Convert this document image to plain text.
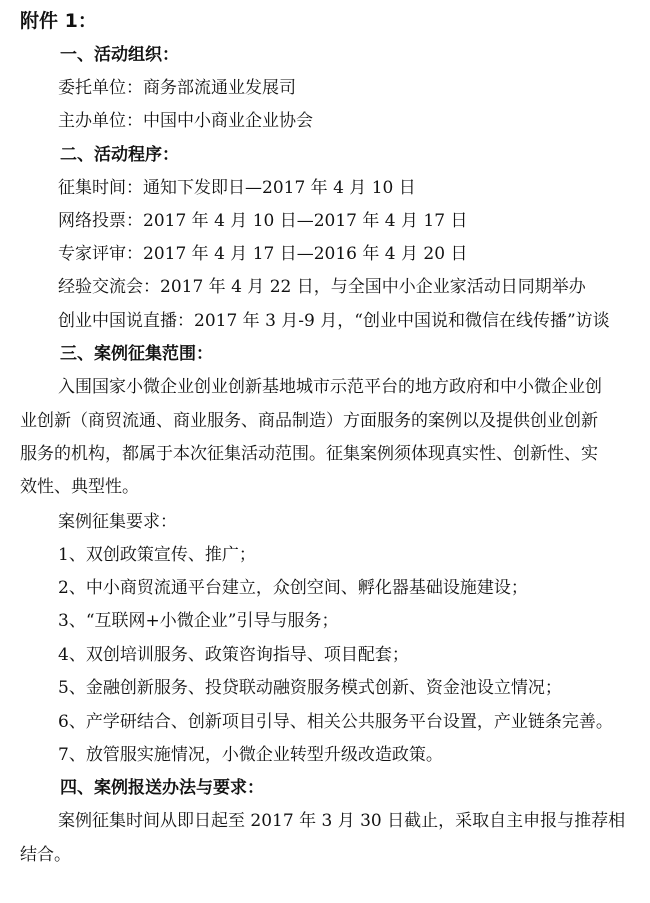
附件 1：
一、活动组织：
委托单位：商务部流通业发展司
主办单位：中国中小商业企业协会
二、活动程序：
征集时间：通知下发即日—2017 年 4 月 10 日
网络投票：2017 年 4 月 10 日—2017 年 4 月 17 日
专家评审：2017 年 4 月 17 日—2016 年 4 月 20 日
经验交流会：2017 年 4 月 22 日，与全国中小企业家活动日同期举办
创业中国说直播：2017 年 3 月-9 月，“创业中国说和微信在线传播”访谈
三、案例征集范围：
入围国家小微企业创业创新基地城市示范平台的地方政府和中小微企业创
业创新（商贸流通、商业服务、商品制造）方面服务的案例以及提供创业创新
服务的机构，都属于本次征集活动范围。征集案例须体现真实性、创新性、实
效性、典型性。
案例征集要求：
1、双创政策宣传、推广；
2、中小商贸流通平台建立，众创空间、孵化器基础设施建设；
3、“互联网+小微企业”引导与服务；
4、双创培训服务、政策咨询指导、项目配套；
5、金融创新服务、投贷联动融资服务模式创新、资金池设立情况；
6、产学研结合、创新项目引导、相关公共服务平台设置，产业链条完善。
7、放管服实施情况，小微企业转型升级改造政策。
四、案例报送办法与要求：
案例征集时间从即日起至 2017 年 3 月 30 日截止，采取自主申报与推荐相
结合。
